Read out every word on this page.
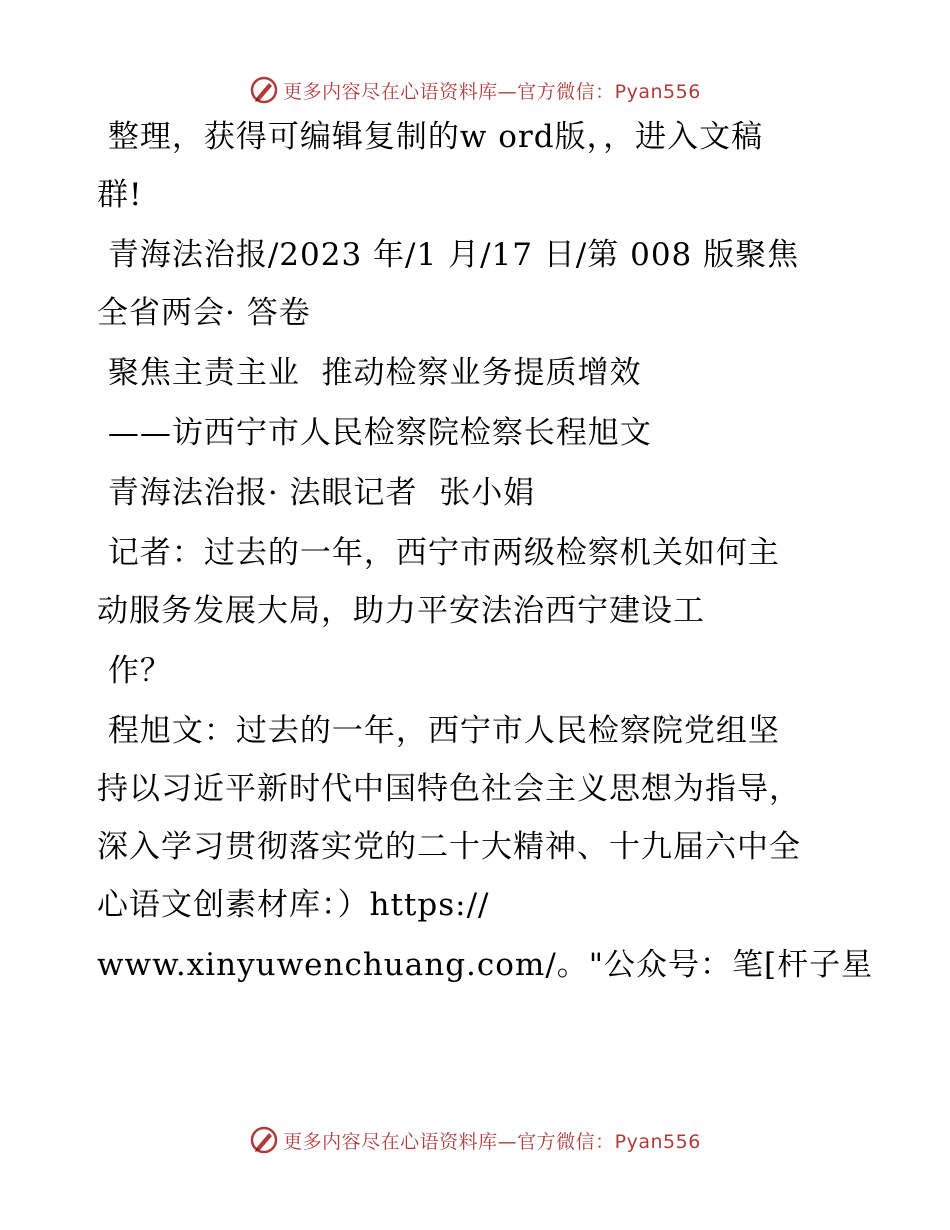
更多内容尽在心语资料库—官方微信：Pyan556
整理，获得可编辑复制的w ord版，，进入文稿
群!
青海法治报/2023 年/1 月/17 日/第 008 版聚焦
全省两会· 答卷
聚焦主责主业  推动检察业务提质增效
——访西宁市人民检察院检察长程旭文
青海法治报· 法眼记者  张小娟
记者：过去的一年，西宁市两级检察机关如何主
动服务发展大局，助力平安法治西宁建设工
作？
程旭文：过去的一年，西宁市人民检察院党组坚
持以习近平新时代中国特色社会主义思想为指导，
深入学习贯彻落实党的二十大精神、十九届六中全
心语文创素材库：）https://
www.xinyuwenchuang.com/。"公众号：笔[杆子星
更多内容尽在心语资料库—官方微信：Pyan556
